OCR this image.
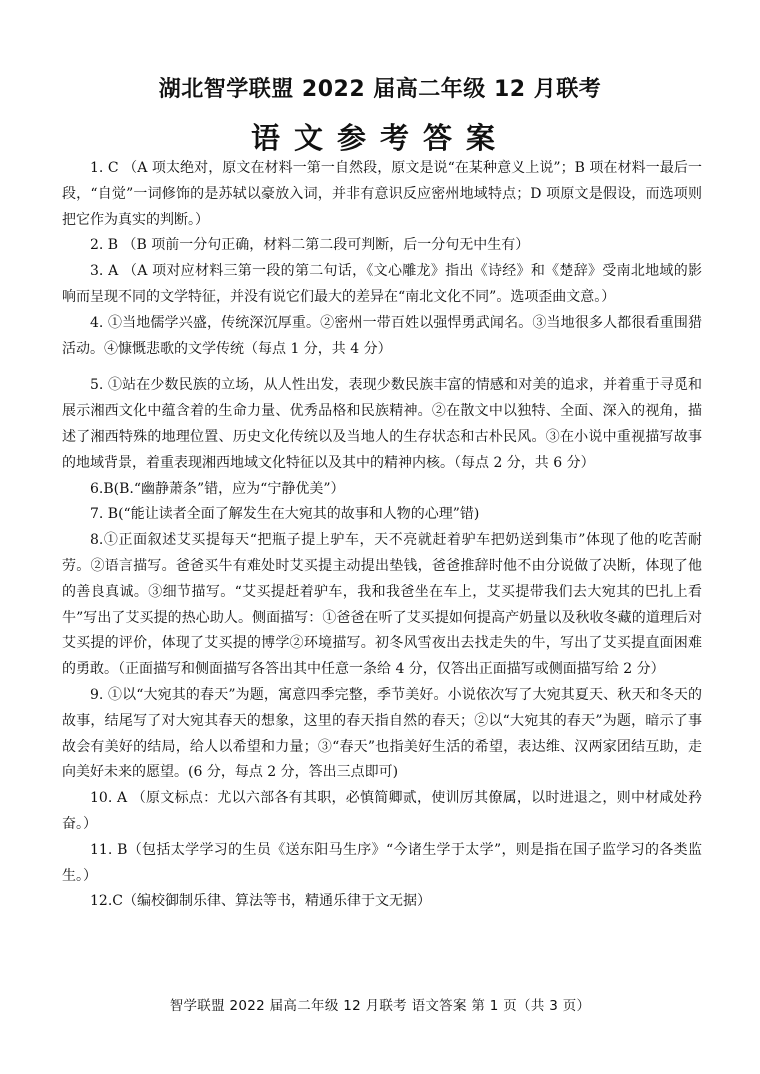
湖北智学联盟 2022 届高二年级 12 月联考
语文参考答案

1. C （A 项太绝对，原文在材料一第一自然段，原文是说“在某种意义上说”；B 项在材料一最后一段，“自觉”一词修饰的是苏轼以豪放入词，并非有意识反应密州地域特点；D 项原文是假设，而选项则把它作为真实的判断。）

2. B （B 项前一分句正确，材料二第二段可判断，后一分句无中生有）

3. A （A 项对应材料三第一段的第二句话，《文心雕龙》指出《诗经》和《楚辞》受南北地域的影响而呈现不同的文学特征，并没有说它们最大的差异在“南北文化不同”。选项歪曲文意。）

4. ①当地儒学兴盛，传统深沉厚重。②密州一带百姓以强悍勇武闻名。③当地很多人都很看重围猎活动。④慷慨悲歌的文学传统（每点 1 分，共 4 分）

5. ①站在少数民族的立场，从人性出发，表现少数民族丰富的情感和对美的追求，并着重于寻觅和展示湘西文化中蕴含着的生命力量、优秀品格和民族精神。②在散文中以独特、全面、深入的视角，描述了湘西特殊的地理位置、历史文化传统以及当地人的生存状态和古朴民风。③在小说中重视描写故事的地域背景，着重表现湘西地域文化特征以及其中的精神内核。（每点 2 分，共 6 分）

6.B(B.“幽静萧条”错，应为“宁静优美”）

7. B(“能让读者全面了解发生在大宛其的故事和人物的心理”错)

8.①正面叙述艾买提每天“把瓶子提上驴车，天不亮就赶着驴车把奶送到集市”体现了他的吃苦耐劳。②语言描写。爸爸买牛有难处时艾买提主动提出垫钱，爸爸推辞时他不由分说做了决断，体现了他的善良真诚。③细节描写。“艾买提赶着驴车，我和我爸坐在车上，艾买提带我们去大宛其的巴扎上看牛”写出了艾买提的热心助人。侧面描写：①爸爸在听了艾买提如何提高产奶量以及秋收冬藏的道理后对艾买提的评价，体现了艾买提的博学②环境描写。初冬风雪夜出去找走失的牛，写出了艾买提直面困难的勇敢。（正面描写和侧面描写各答出其中任意一条给 4 分，仅答出正面描写或侧面描写给 2 分）

9. ①以“大宛其的春天”为题，寓意四季完整，季节美好。小说依次写了大宛其夏天、秋天和冬天的故事，结尾写了对大宛其春天的想象，这里的春天指自然的春天；②以“大宛其的春天”为题，暗示了事故会有美好的结局，给人以希望和力量；③“春天”也指美好生活的希望，表达维、汉两家团结互助，走向美好未来的愿望。(6 分，每点 2 分，答出三点即可)

10. A （原文标点：尤以六部各有其职，必慎简卿贰，使训厉其僚属，以时进退之，则中材咸处矜奋。）

11. B（包括太学学习的生员《送东阳马生序》“今诸生学于太学”，则是指在国子监学习的各类监生。）

12.C（编校御制乐律、算法等书，精通乐律于文无据）

智学联盟 2022 届高二年级 12 月联考 语文答案 第 1 页（共 3 页）
